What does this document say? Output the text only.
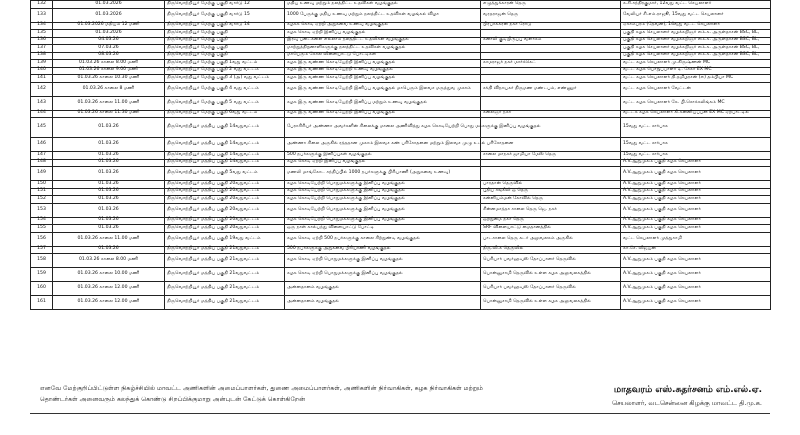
132	01.03.2026	திருவொற்றியூர் மேற்கு பகுதி வார்டு 12	மதிய உணவு மற்றும் நலத்திட்ட உதவிகள் வழங்குதல்	எழுத்துக்காரன் தெரு	க.சி.சந்திரகுமார், 12வது வட்ட செயலாளர்
133	01.03.2026	திருவொற்றியூர் மேற்கு பகுதி வார்டு 15	1000 பேருக்கு மதிய உணவு மற்றும் நலத்திட்ட உதவிகள் வழங்கல் விழா	வரதராஜன் தெரு	வேலியர் சி.எம்.ராஜூ, 15வது வட்ட செயலாளர்
134	01.03.2026 மதியம் 12 மணி	திருவொற்றியூர் மேற்கு பகுதி வார்டு 14	கழகக் கொடி ஏற்றி அறுசுவை உணவு வழங்குதல்	பிரபாக்கரன் நகர் ரோடு	ஏகாம்பரம் (தேவன்), 14வது வட்ட செயலாளர்
135	01.03.2026	திருவொற்றியூர் மேற்கு பகுதி	கழக கொடி ஏற்றி இனிப்பு வழங்குதல்		பகுதி கழக செயலாளர் வழக்கறிஞர் எம்.சு. அருள்தாசன் BSC, BL,
136	04.03.26	திருவொற்றியூர் மேற்கு பகுதி	இரவு படைகளை எல்லாம் நலத்திட்ட உதவிகள் வழங்குதல்	கனாலி குடியிருப்பு வளாகம்	பகுதி கழக செயலாளர் வழக்கறிஞர் எம்.சு. அருள்தாசன் BSC, BL,
137	07.03.26	திருவொற்றியூர் மேற்கு பகுதி	மாற்றுத்திறனாளிகளுக்கு நலத்திட்ட உதவிகள் வழங்குதல்		பகுதி கழக செயலாளர் வழக்கறிஞர் எம்.சு. அருள்தாசன் BSC, BL,
138	08.03.26	திருவொற்றியூர் மேற்கு பகுதி	மாபெரும் கோல விளையாட்டு போட்டிகள்		பகுதி கழக செயலாளர் வழக்கறிஞர் எம்.சு. அருள்தாசன் BSC, BL,
139	01.03.26 காலை 8.00 மணி	திருவொற்றியூர் மேற்கு பகுதி 1வது வட்டம்	கழக இரு வண்ண கொடியேற்றி இனிப்பு வழங்குதல்	காமராஜர் நகர் மார்க்கெட்	வட்ட கழக செயலாளர் மு.கிருஷ்ணன் MC
140	01.03.26 காலை 9.00 மணி	திருவொற்றியூர் மேற்கு பகுதி 2 வது வட்டம்	கழக இரு வண்ண கொடியேற்றி உணவு வழங்குதல்		வட்ட கழக பொறுப்பாளர் டி. சேகர் EX MC
141	01.03.26 காலை 10.30 மணி	திருவொற்றியூர் மேற்கு பகுதி 3 (அ) வது வட்டம்	கழக இரு வண்ண கொடியேற்றி இனிப்பு வழங்குதல்		வட்ட கழக செயலாளர் தி.தமிழரசன் (எ) தம்பியா MC
142	01.03.26 காலை 8 மணி	திருவொற்றியூர் மேற்கு பகுதி 4 வது வட்டம்	கழக இரு வண்ண கொடியேற்றி இனிப்பு வழங்குதல் மாபெரும் இலவச மருத்துவ முகாம்	சக்தி விநாயகர் திருமண மண்டபம், எண்ணூர்	வட்ட கழக செயலாளர் வேட்டன்
143	01.03.26 காலை 11.00 மணி	திருவொற்றியூர் மேற்கு பகுதி 5 வது வட்டம்	கழக இரு வண்ண கொடியேற்றி இனிப்பு மற்றும் உணவு வழங்குதல்		வட்ட கழக செயலாளர் கே. பி.சொக்கலிங்கம் MC
144	01.03.26 காலை 11:30 மணி	திருவொற்றியூர் மேற்கு பகுதி 6வது வட்டம்	கழக இரு வண்ண கொடியேற்றி இனிப்பு வழங்குதல்	கலைஞர் நகர்	வட்டக் கழக செயலாளர் கி.கன்னியப்பன் EX MC ஏற்பாட்டில்
145	01.03.26	திருவொற்றியூர் மத்திய பகுதி 14வதுவட்டம்	பேராசிரியர் அண்ணா அவர்களின் சிலைக்கு மாலை அணிவித்து கழக கொடியேற்றி பொது மக்களுக்கு இனிப்பு வழங்குதல்		15வது வட்ட சார்பாக
146	01.03.26	திருவொற்றியூர் மத்திய பகுதி 14வதுவட்டம்	அண்ணா சிலை அருகில் ரத்ததான முகாம் இலவச கண் பரிசோதனை மற்றும் இலவச முழு உடல் பரிசோதனை		15வது வட்ட சார்பாக
147	01.03.26	திருவொற்றியூர் மத்திய பகுதி 14வதுவட்டம்	500 நபர்களுக்கு இனிப்புகள் வழங்குதல்	சாலை மாநகர் ஜாமியா மேஸ் தெரு	15வது வட்ட சார்பாக
148	01.03.26	திருவொற்றியூர் மத்திய பகுதி 14வதுவட்டம்	கழக கொடி ஏற்றி இனிப்பு வழங்குதல்		A.V.ஆறுமுகம் பகுதி கழக செயலாளர்
149	01.03.26	திருவொற்றியூர் மத்திய பகுதி 5வது வட்டம்	மணலி மாங்கோட சந்திப்பில் 1000 நபர்களுக்கு பிரியாணி (அறுசுவை உணவு)		A.V.ஆறுமுகம் பகுதி கழக செயலாளர்
150	01.03.26	திருவொற்றியூர் மத்திய பகுதி 20வதுவட்டம்	கழக கொடியேற்றி பொதுமக்களுக்கு இனிப்பு வழங்குதல்	பாரதான் தெருவில்	A.V.ஆறுமுகம் பகுதி கழக செயலாளர்
151	01.03.26	திருவொற்றியூர் மத்திய பகுதி 20வதுவட்டம்	கழக கொடியேற்றி பொதுமக்களுக்கு இனிப்பு வழங்குதல்	புதிய சங்கிலி ஒ தெரு	A.V.ஆறுமுகம் பகுதி கழக செயலாளர்
152	01.03.26	திருவொற்றியூர் மத்திய பகுதி 20வதுவட்டம்	கழக கொடியேற்றி பொதுமக்களுக்கு இனிப்பு வழங்குதல்	கன்னியம்மன் கோவில் தெரு	A.V.ஆறுமுகம் பகுதி கழக செயலாளர்
153	01.03.26	திருவொற்றியூர் மத்திய பகுதி 20வதுவட்டம்	கழக கொடியேற்றி பொதுமக்களுக்கு இனிப்பு வழங்குதல்	சின்னமாத்தா சாலை தெரு ஜெ. நகர்	A.V.ஆறுமுகம் பகுதி கழக செயலாளர்
154	01.03.26	திருவொற்றியூர் மத்திய பகுதி 20வதுவட்டம்	கழக கொடியேற்றி பொதுமக்களுக்கு இனிப்பு வழங்குதல்	ஒற்றுமை நகர் தெரு	A.V.ஆறுமுகம் பகுதி கழக செயலாளர்
155	01.03.26	திருவொற்றியூர் மத்திய பகுதி 20வதுவட்டம்	ஒரு நாள் கால்பந்து விளையாட்டு போட்டி	SRF விளையாட்டு மைதானத்தில்	A.V.ஆறுமுகம் பகுதி கழக செயலாளர்
156	01.03.26 காலை 11.00 மணி	திருவொற்றியூர் மத்திய பகுதி 19வது வட்டம்	கழக கொடி ஏற்றி 500 நபர்களுக்கு காலை சிற்றுண்டி வழங்குதல்	பாடசாலை தெரு சுடர் அலுவலகம் அருகில்	வட்ட செயலாளர் முத்துசாமி
157	01.03.26	திருவொற்றியூர் மத்திய பகுதி 21வதுவட்டம்	500 நபர்களுக்கு அறுசுவை பிரியாணி வழங்குதல்	திரு.வி.க தெருவில்	கா.சே. விஜயன்
158	01.03.26 காலை 8.00 மணி	திருவொற்றியூர் மத்திய பகுதி 21வதுவட்டம்	கழக கொடி ஏற்றி பொதுமக்களுக்கு இனிப்பு வழங்குதல்	பெரியார் பவர்ஹவுஸ் தோப்பாளர் தெருவில்	A.V.ஆறுமுகம் பகுதி கழக செயலாளர்
159	01.03.26 காலை 10.00 மணி	திருவொற்றியூர் மத்திய பகுதி 21வதுவட்டம்	கழக கொடி ஏற்றி பொதுமக்களுக்கு இனிப்பு வழங்குதல்	பொன்னுசாமி தெருவில் உள்ள கழக அலுவலகத்தில்	A.V.ஆறுமுகம் பகுதி கழக செயலாளர்
160	01.03.26 காலை 12.00 மணி	திருவொற்றியூர் மத்திய பகுதி 21வதுவட்டம்	அன்னதானம் வழங்குதல்	பெரியார் பவர்ஹவுஸ் தோப்பாளர் தெருவில்	A.V.ஆறுமுகம் பகுதி கழக செயலாளர்
161	01.03.26 காலை 12.00 மணி	திருவொற்றியூர் மத்திய பகுதி 21வதுவட்டம்	அன்னதானம் வழங்குதல்	பொன்னுசாமி தெருவில் உள்ள கழக அலுவலகத்தில்	A.V.ஆறுமுகம் பகுதி கழக செயலாளர்
எனவே மேற்குறிப்பிட்டுள்ள நிகழ்ச்சியில் மாவட்ட அணிகளின் அமைப்பாளர்கள், துணை அமைப்பாளர்கள், அணிகளின் நிர்வாகிகள், கழக நிர்வாகிகள் மற்றும்
தொண்டர்கள் அனைவரும் கலந்துக் கொண்டு சிறப்பிக்குமாறு அன்புடன் கேட்டுக் கொள்கிறேன்
மாதவரம் எஸ்.சுதர்சனம் எம்.எல்.ஏ.
செயலாளர், வடசென்னை கிழக்கு மாவட்ட தி.மு.க.
